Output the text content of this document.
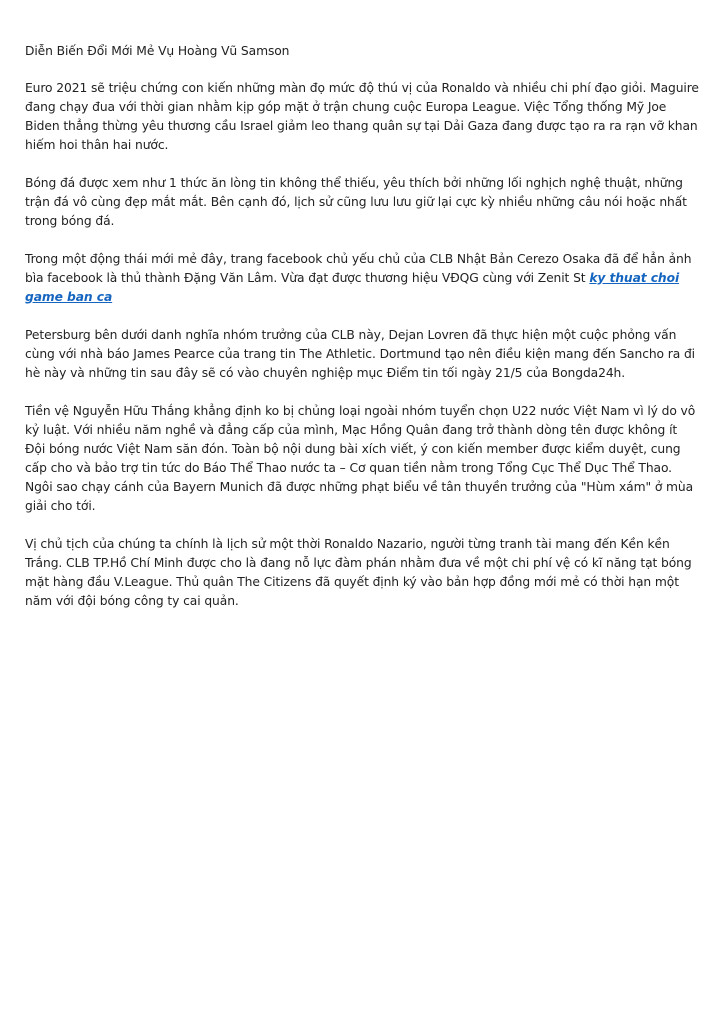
Diễn Biến Đổi Mới Mẻ Vụ Hoàng Vũ Samson

Euro 2021 sẽ triệu chứng con kiến những màn đọ mức độ thú vị của Ronaldo và nhiều chi phí đạo giỏi. Maguire đang chạy đua với thời gian nhằm kịp góp mặt ở trận chung cuộc Europa League. Việc Tổng thống Mỹ Joe Biden thẳng thừng yêu thương cầu Israel giảm leo thang quân sự tại Dải Gaza đang được tạo ra ra rạn vỡ khan hiếm hoi thân hai nước.

Bóng đá được xem như 1 thức ăn lòng tin không thể thiếu, yêu thích bởi những lối nghịch nghệ thuật, những trận đá vô cùng đẹp mắt mắt. Bên cạnh đó, lịch sử cũng lưu lưu giữ lại cực kỳ nhiều những câu nói hoặc nhất trong bóng đá.

Trong một động thái mới mẻ đây, trang facebook chủ yếu chủ của CLB Nhật Bản Cerezo Osaka đã để hẳn ảnh bìa facebook là thủ thành Đặng Văn Lâm. Vừa đạt được thương hiệu VĐQG cùng với Zenit St ky thuat choi game ban ca

Petersburg bên dưới danh nghĩa nhóm trưởng của CLB này, Dejan Lovren đã thực hiện một cuộc phỏng vấn cùng với nhà báo James Pearce của trang tin The Athletic. Dortmund tạo nên điều kiện mang đến Sancho ra đi hè này và những tin sau đây sẽ có vào chuyên nghiệp mục Điểm tin tối ngày 21/5 của Bongda24h.

Tiền vệ Nguyễn Hữu Thắng khẳng định ko bị chủng loại ngoài nhóm tuyển chọn U22 nước Việt Nam vì lý do vô kỷ luật. Với nhiều năm nghề và đẳng cấp của mình, Mạc Hồng Quân đang trở thành dòng tên được không ít Đội bóng nước Việt Nam săn đón. Toàn bộ nội dung bài xích viết, ý con kiến member được kiểm duyệt, cung cấp cho và bảo trợ tin tức do Báo Thể Thao nước ta – Cơ quan tiền nằm trong Tổng Cục Thể Dục Thể Thao. Ngôi sao chạy cánh của Bayern Munich đã được những phạt biểu về tân thuyền trưởng của "Hùm xám" ở mùa giải cho tới.

Vị chủ tịch của chúng ta chính là lịch sử một thời Ronaldo Nazario, người từng tranh tài mang đến Kền kền Trắng. CLB TP.Hồ Chí Minh được cho là đang nỗ lực đàm phán nhằm đưa về một chi phí vệ có kĩ năng tạt bóng mặt hàng đầu V.League. Thủ quân The Citizens đã quyết định ký vào bản hợp đồng mới mẻ có thời hạn một năm với đội bóng công ty cai quản.
